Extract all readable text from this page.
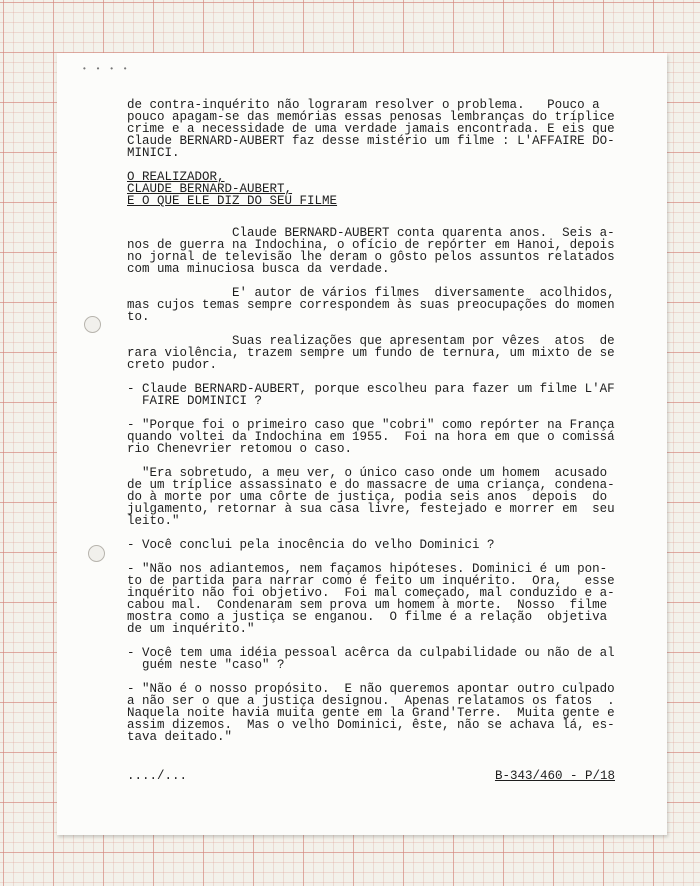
• • • •
de contra-inquérito não lograram resolver o problema.   Pouco a
pouco apagam-se das memórias essas penosas lembranças do tríplice
crime e a necessidade de uma verdade jamais encontrada. E eis que
Claude BERNARD-AUBERT faz desse mistério um filme : L'AFFAIRE DO-
MINICI.
O REALIZADOR,
CLAUDE BERNARD-AUBERT,
E O QUE ELE DIZ DO SEU FILME
Claude BERNARD-AUBERT conta quarenta anos.  Seis a-
nos de guerra na Indochina, o ofício de repórter em Hanoi, depois
no jornal de televisão lhe deram o gôsto pelos assuntos relatados
com uma minuciosa busca da verdade.
E' autor de vários filmes  diversamente  acolhidos,
mas cujos temas sempre correspondem às suas preocupações do momen
to.
Suas realizações que apresentam por vêzes  atos  de
rara violência, trazem sempre um fundo de ternura, um mixto de se
creto pudor.
- Claude BERNARD-AUBERT, porque escolheu para fazer um filme L'AF
FAIRE DOMINICI ?
- "Porque foi o primeiro caso que "cobri" como repórter na França
quando voltei da Indochina em 1955.  Foi na hora em que o comissá
rio Chenevrier retomou o caso.
"Era sobretudo, a meu ver, o único caso onde um homem  acusado
de um tríplice assassinato e do massacre de uma criança, condena-
do à morte por uma côrte de justiça, podia seis anos  depois  do
julgamento, retornar à sua casa livre, festejado e morrer em  seu
leito."
- Você conclui pela inocência do velho Dominici ?
- "Não nos adiantemos, nem façamos hipóteses. Dominici é um pon-
to de partida para narrar como é feito um inquérito.  Ora,   esse
inquérito não foi objetivo.  Foi mal começado, mal conduzido e a-
cabou mal.  Condenaram sem prova um homem à morte.  Nosso  filme
mostra como a justiça se enganou.  O filme é a relação  objetiva
de um inquérito."
- Você tem uma idéia pessoal acêrca da culpabilidade ou não de al
guém neste "caso" ?
- "Não é o nosso propósito.  E não queremos apontar outro culpado
a não ser o que a justiça designou.  Apenas relatamos os fatos  .
Naquela noite havia muita gente em la Grand'Terre.  Muita gente e
assim dizemos.  Mas o velho Dominici, êste, não se achava lá, es-
tava deitado."
..../...	B-343/460 - P/18
